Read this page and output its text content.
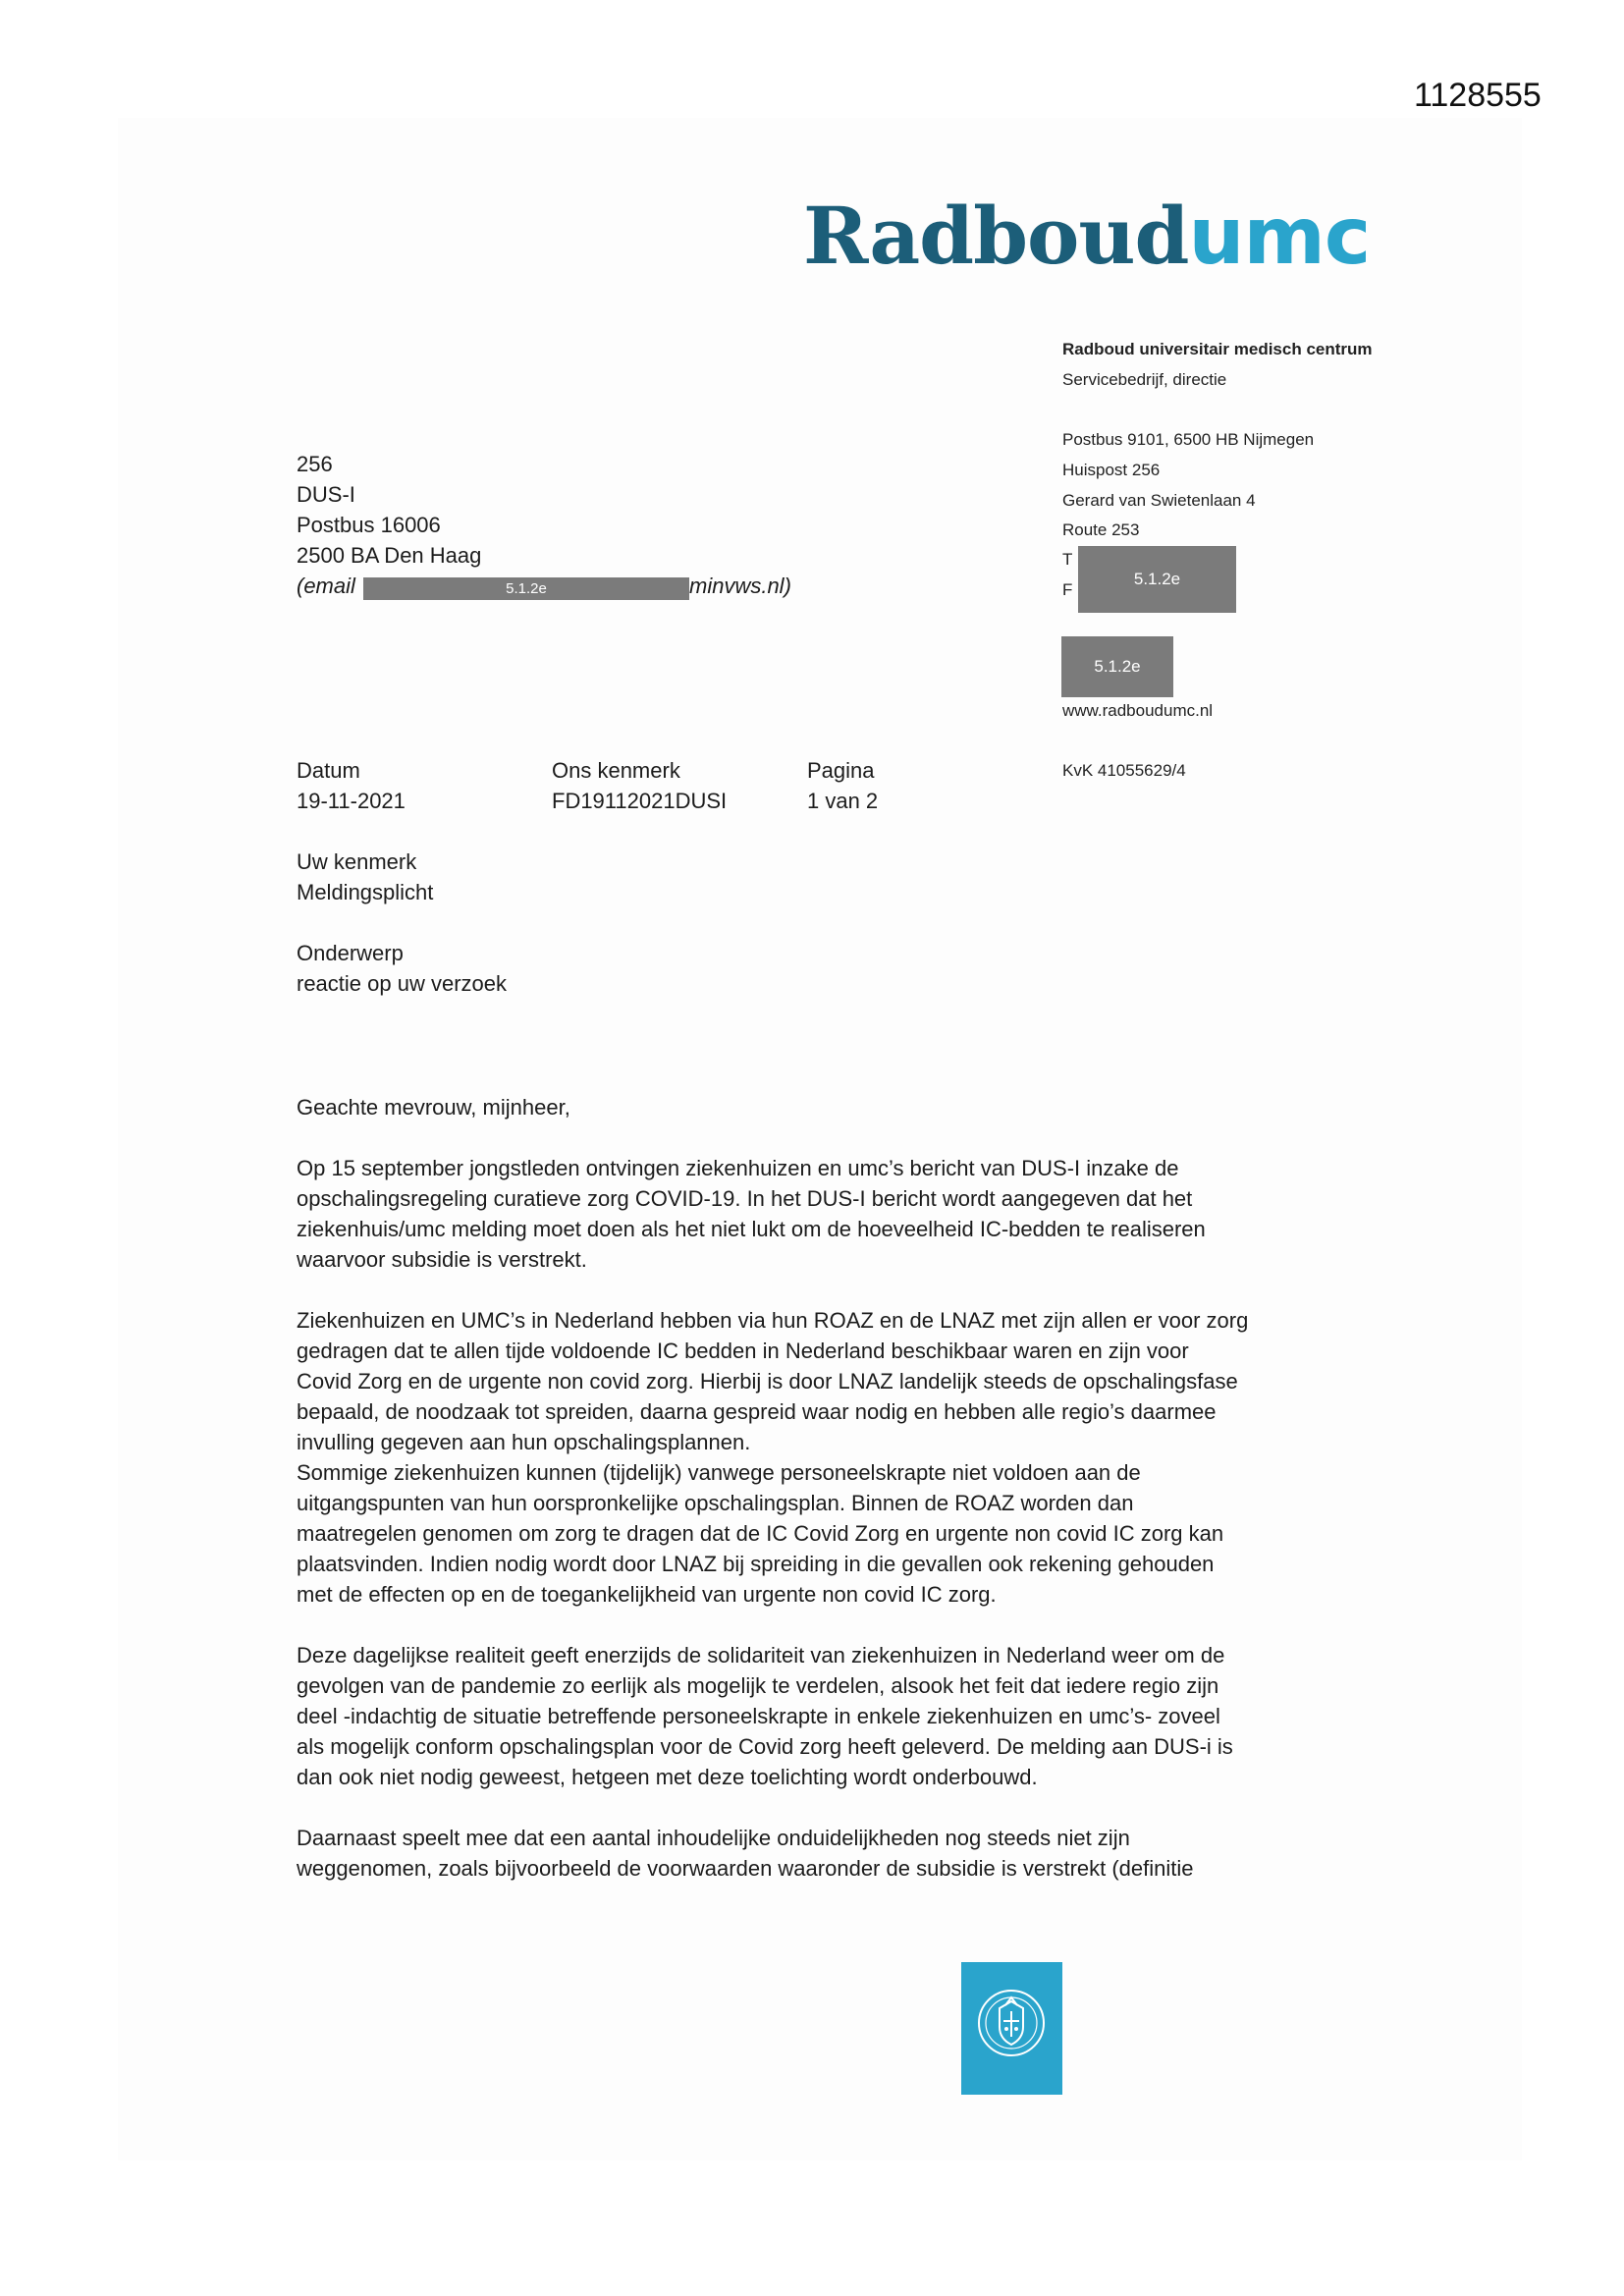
1128555
Radboudumc
Radboud universitair medisch centrum
Servicebedrijf, directie
Postbus 9101, 6500 HB Nijmegen
Huispost 256
Gerard van Swietenlaan 4
Route 253
T
F
5.1.2e
5.1.2e
www.radboudumc.nl
KvK 41055629/4
256
DUS-I
Postbus 16006
2500 BA Den Haag
(email	5.1.2e	minvws.nl)
Datum
19-11-2021
Ons kenmerk
FD19112021DUSI
Pagina
1 van 2
Uw kenmerk
Meldingsplicht
Onderwerp
reactie op uw verzoek
Geachte mevrouw, mijnheer,
Op 15 september jongstleden ontvingen ziekenhuizen en umc’s bericht van DUS-I inzake de
opschalingsregeling curatieve zorg COVID-19. In het DUS-I bericht wordt aangegeven dat het
ziekenhuis/umc melding moet doen als het niet lukt om de hoeveelheid IC-bedden te realiseren
waarvoor subsidie is verstrekt.
Ziekenhuizen en UMC’s in Nederland hebben via hun ROAZ en de LNAZ met zijn allen er voor zorg
gedragen dat te allen tijde voldoende IC bedden in Nederland beschikbaar waren en zijn voor
Covid Zorg en de urgente non covid zorg. Hierbij is door LNAZ landelijk steeds de opschalingsfase
bepaald, de noodzaak tot spreiden, daarna gespreid waar nodig en hebben alle regio’s daarmee
invulling gegeven aan hun opschalingsplannen.
Sommige ziekenhuizen kunnen (tijdelijk) vanwege personeelskrapte niet voldoen aan de
uitgangspunten van hun oorspronkelijke opschalingsplan. Binnen de ROAZ worden dan
maatregelen genomen om zorg te dragen dat de IC Covid Zorg en urgente non covid IC zorg kan
plaatsvinden. Indien nodig wordt door LNAZ bij spreiding in die gevallen ook rekening gehouden
met de effecten op en de toegankelijkheid van urgente non covid IC zorg.
Deze dagelijkse realiteit geeft enerzijds de solidariteit van ziekenhuizen in Nederland weer om de
gevolgen van de pandemie zo eerlijk als mogelijk te verdelen, alsook het feit dat iedere regio zijn
deel -indachtig de situatie betreffende personeelskrapte in enkele ziekenhuizen en umc’s- zoveel
als mogelijk conform opschalingsplan voor de Covid zorg heeft geleverd. De melding aan DUS-i is
dan ook niet nodig geweest, hetgeen met deze toelichting wordt onderbouwd.
Daarnaast speelt mee dat een aantal inhoudelijke onduidelijkheden nog steeds niet zijn
weggenomen, zoals bijvoorbeeld de voorwaarden waaronder de subsidie is verstrekt (definitie
